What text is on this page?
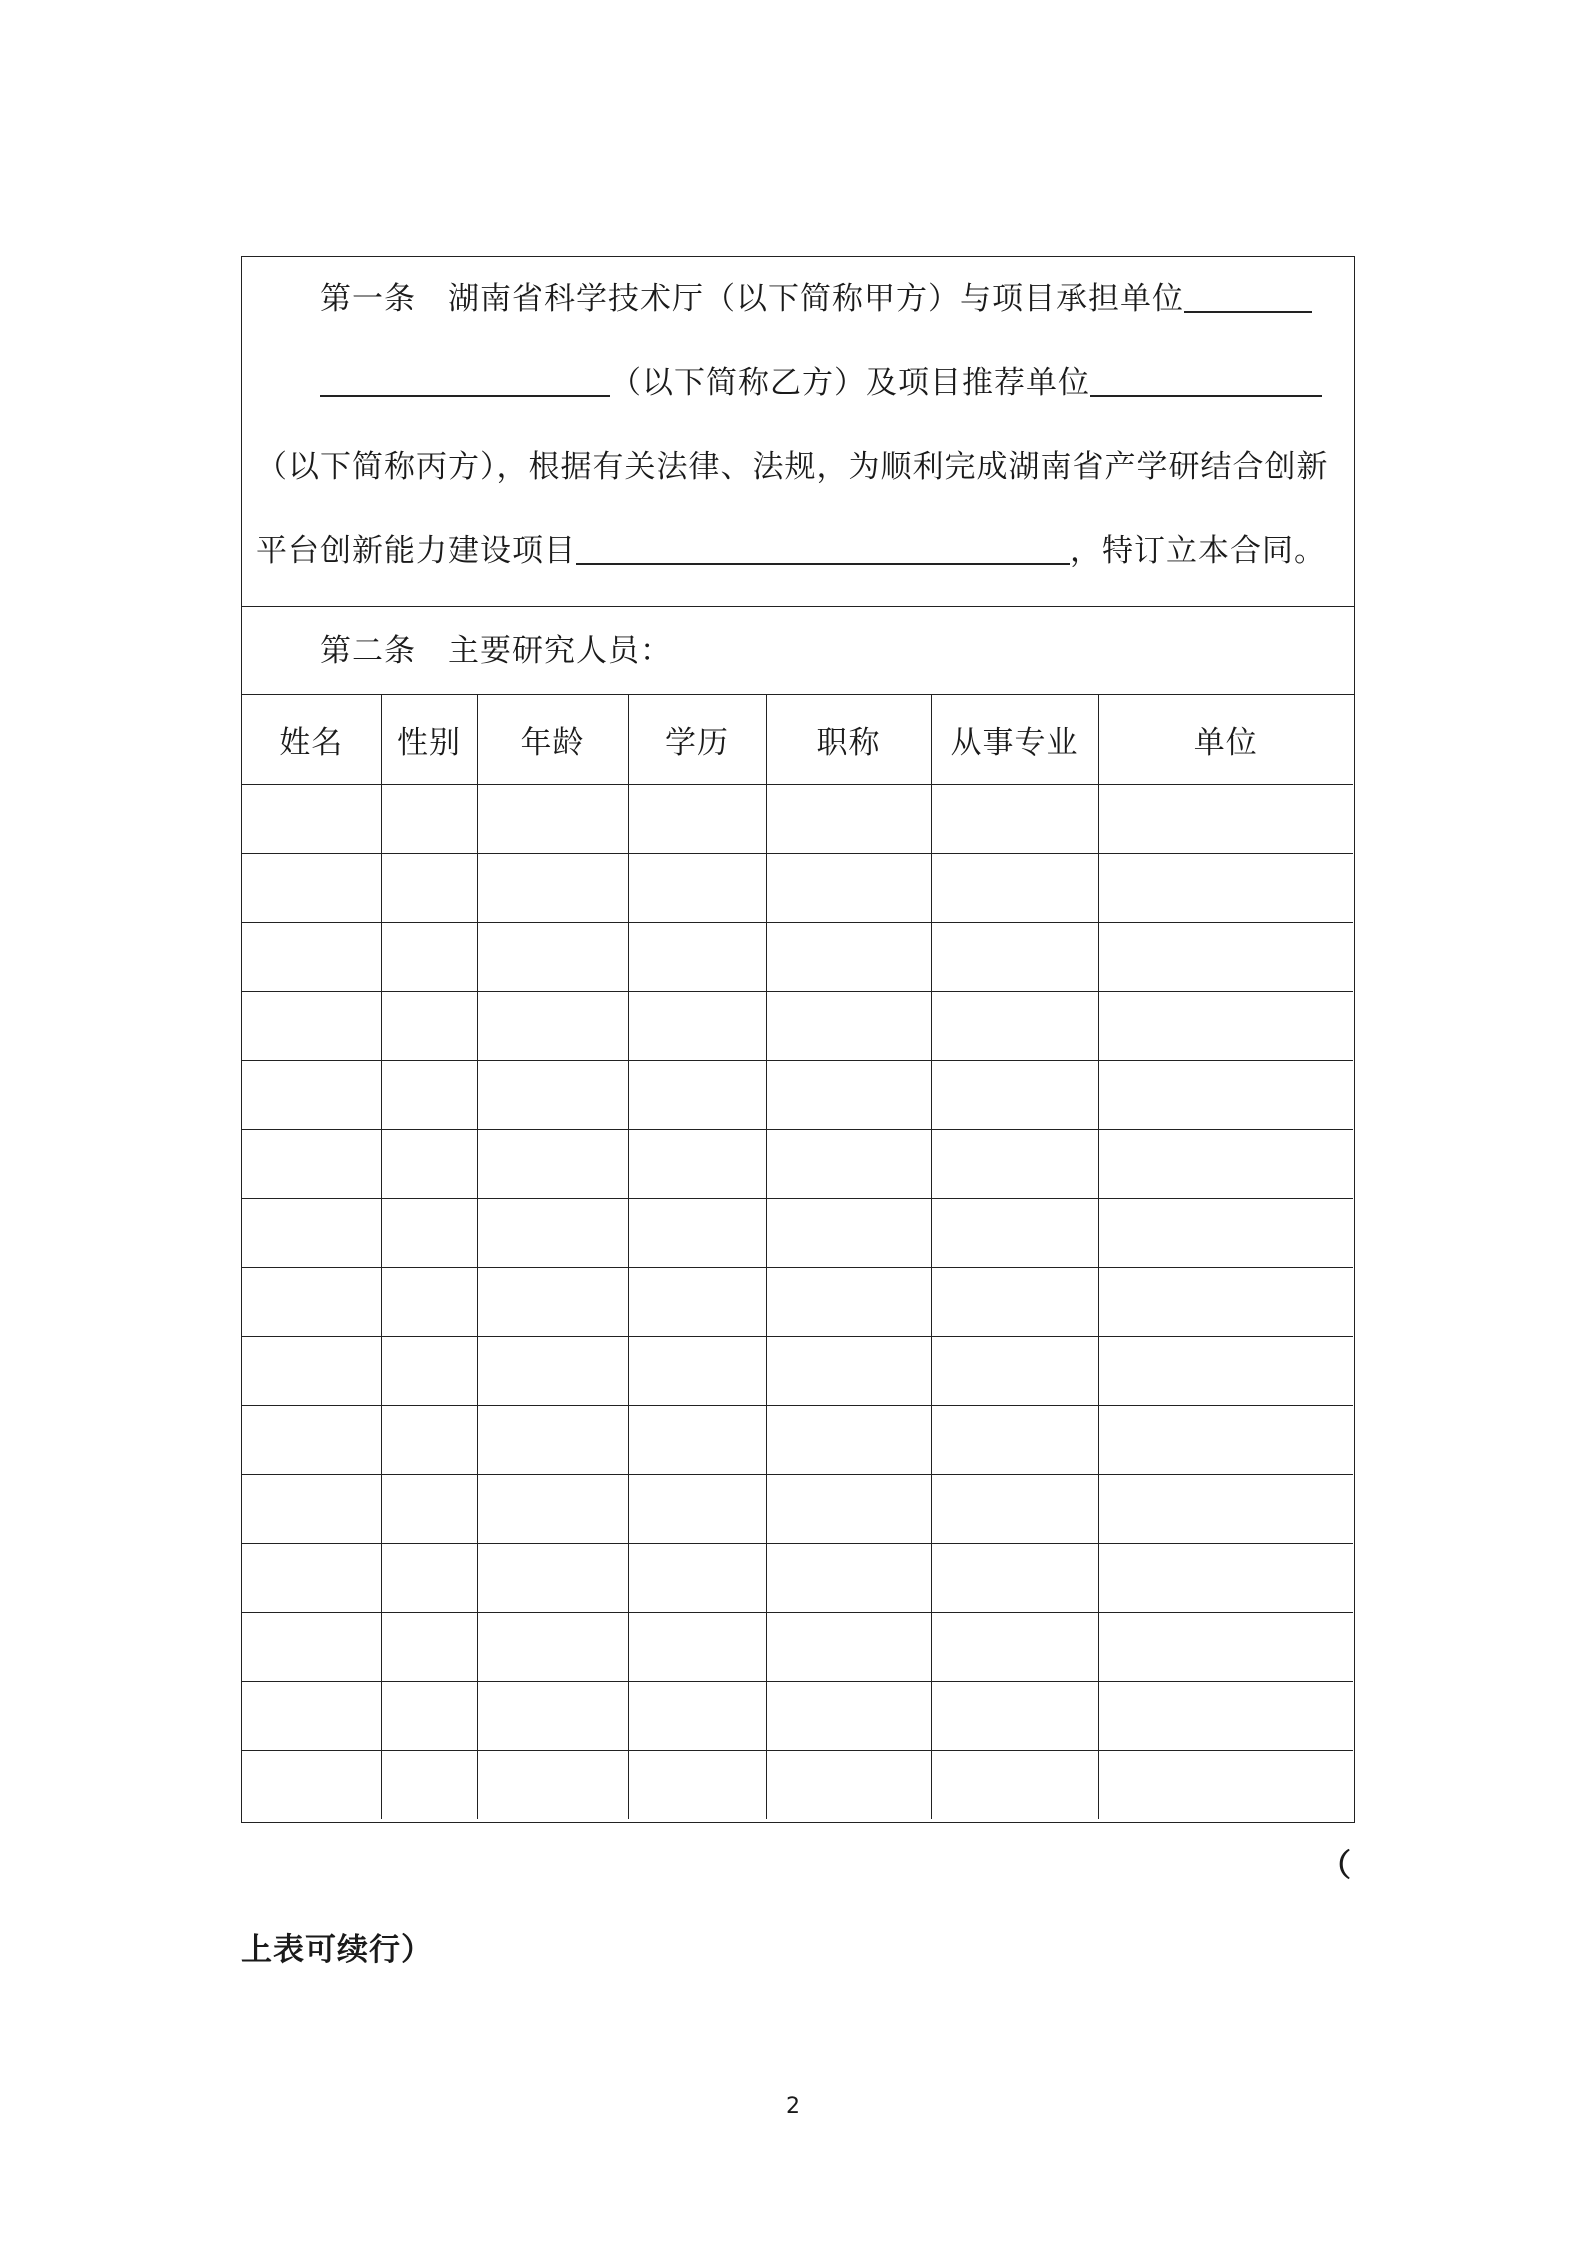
第一条　湖南省科学技术厅（以下简称甲方）与项目承担单位
（以下简称乙方）及项目推荐单位
（以下简称丙方），根据有关法律、法规，为顺利完成湖南省产学研结合创新
平台创新能力建设项目	，特订立本合同。
第二条　主要研究人员：
姓名	性别	年龄	学历	职称	从事专业	单位

（
上表可续行）
2
